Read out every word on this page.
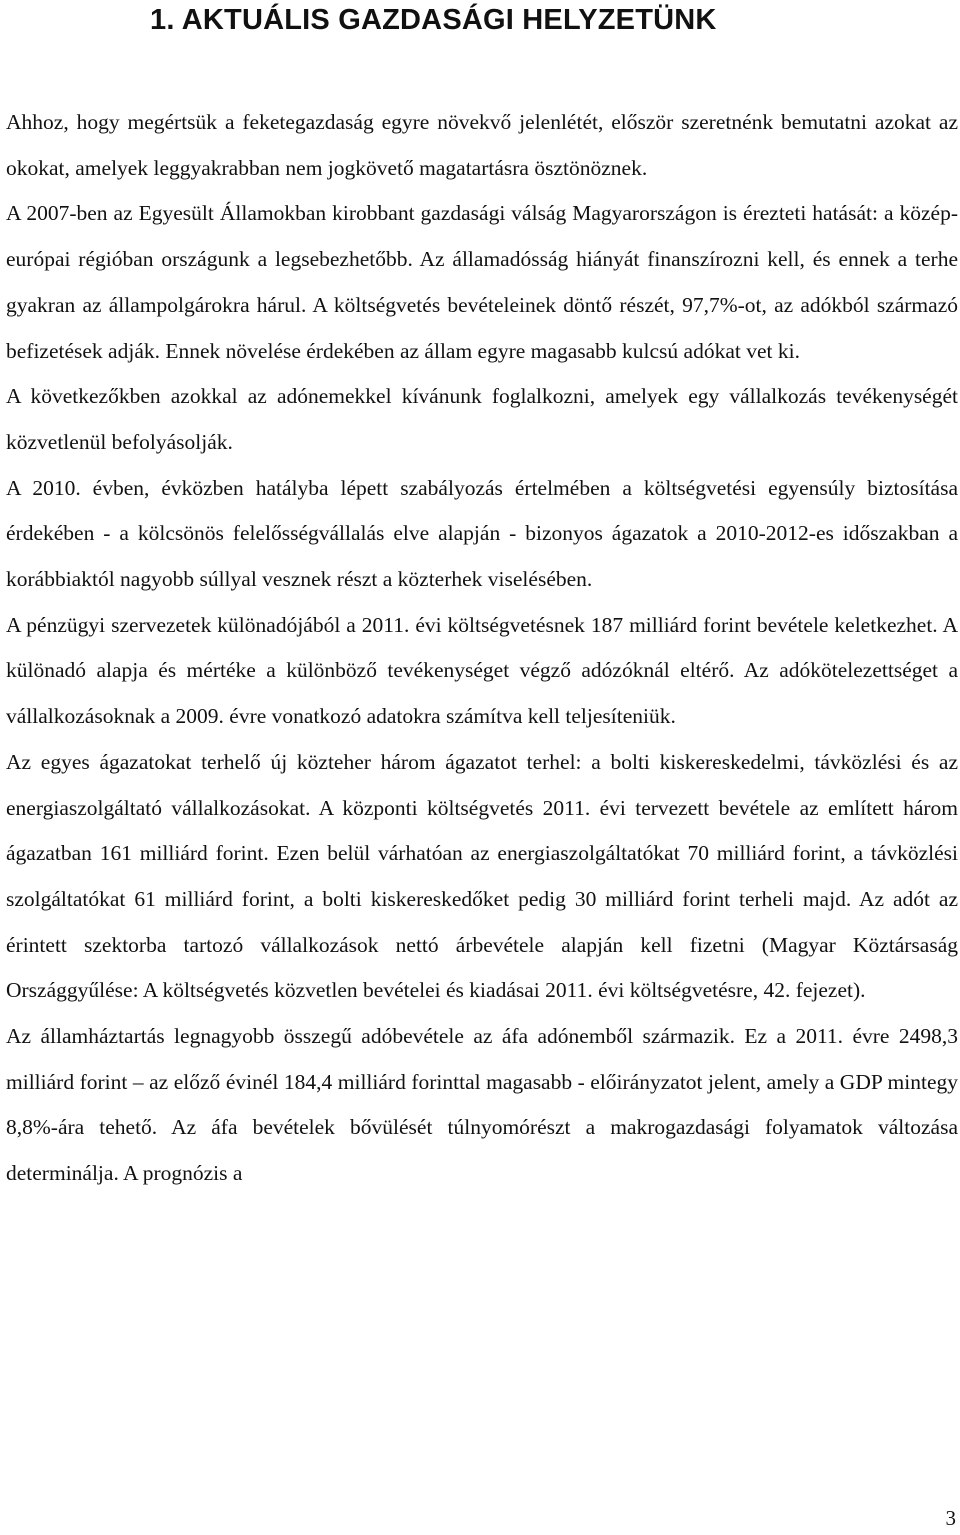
1. AKTUÁLIS GAZDASÁGI HELYZETÜNK

Ahhoz, hogy megértsük a feketegazdaság egyre növekvő jelenlétét, először szeretnénk bemutatni azokat az okokat, amelyek leggyakrabban nem jogkövető magatartásra ösztönöznek.

A 2007-ben az Egyesült Államokban kirobbant gazdasági válság Magyarországon is érezteti hatását: a közép-európai régióban országunk a legsebezhetőbb. Az államadósság hiányát finanszírozni kell, és ennek a terhe gyakran az állampolgárokra hárul. A költségvetés bevételeinek döntő részét, 97,7%-ot, az adókból származó befizetések adják. Ennek növelése érdekében az állam egyre magasabb kulcsú adókat vet ki.

A következőkben azokkal az adónemekkel kívánunk foglalkozni, amelyek egy vállalkozás tevékenységét közvetlenül befolyásolják.

A 2010. évben, évközben hatályba lépett szabályozás értelmében a költségvetési egyensúly biztosítása érdekében - a kölcsönös felelősségvállalás elve alapján - bizonyos ágazatok a 2010-2012-es időszakban a korábbiaktól nagyobb súllyal vesznek részt a közterhek viselésében.

A pénzügyi szervezetek különadójából a 2011. évi költségvetésnek 187 milliárd forint bevétele keletkezhet. A különadó alapja és mértéke a különböző tevékenységet végző adózóknál eltérő. Az adókötelezettséget a vállalkozásoknak a 2009. évre vonatkozó adatokra számítva kell teljesíteniük.

Az egyes ágazatokat terhelő új közteher három ágazatot terhel: a bolti kiskereskedelmi, távközlési és az energiaszolgáltató vállalkozásokat. A központi költségvetés 2011. évi tervezett bevétele az említett három ágazatban 161 milliárd forint. Ezen belül várhatóan az energiaszolgáltatókat 70 milliárd forint, a távközlési szolgáltatókat 61 milliárd forint, a bolti kiskereskedőket pedig 30 milliárd forint terheli majd. Az adót az érintett szektorba tartozó vállalkozások nettó árbevétele alapján kell fizetni (Magyar Köztársaság Országgyűlése: A költségvetés közvetlen bevételei és kiadásai 2011. évi költségvetésre, 42. fejezet).

Az államháztartás legnagyobb összegű adóbevétele az áfa adónemből származik. Ez a 2011. évre 2498,3 milliárd forint – az előző évinél 184,4 milliárd forinttal magasabb - előirányzatot jelent, amely a GDP mintegy 8,8%-ára tehető. Az áfa bevételek bővülését túlnyomórészt a makrogazdasági folyamatok változása determinálja. A prognózis a

3
